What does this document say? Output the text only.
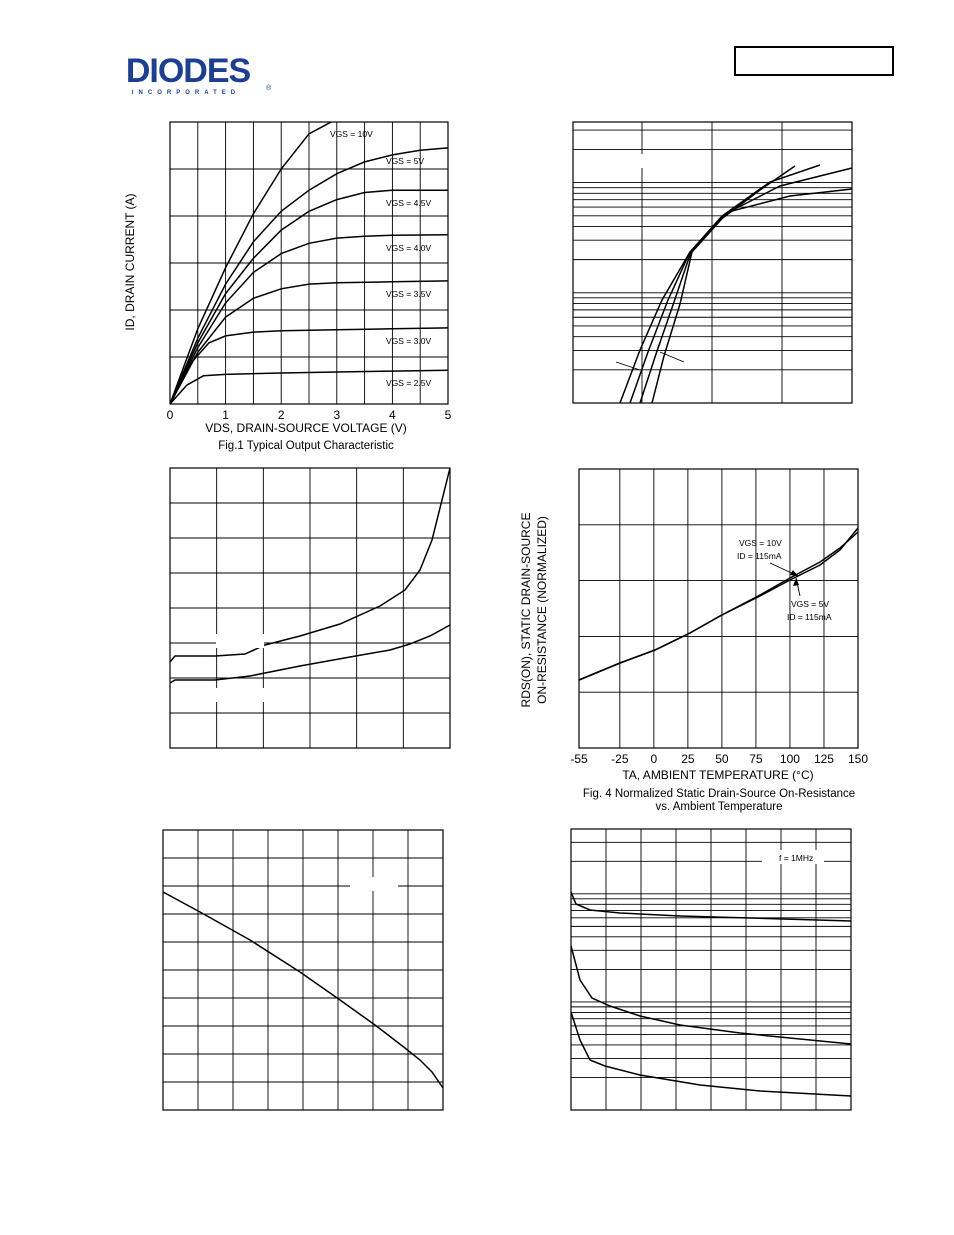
DIODES
INCORPORATED
®
0	1	2	3	4	5
VGS = 10V
VGS = 5V
VGS = 4.5V
VGS = 4.0V
VGS = 3.5V
VGS = 3.0V
VGS = 2.5V
VDS, DRAIN-SOURCE VOLTAGE (V)
Fig.1 Typical Output Characteristic
ID, DRAIN CURRENT (A)
-55 -25 0 25 50 75 100 125 150
TA, AMBIENT TEMPERATURE (°C)
Fig. 4 Normalized Static Drain-Source On-Resistance
vs. Ambient Temperature
RDS(ON), STATIC DRAIN-SOURCE ON-RESISTANCE (NORMALIZED)	VGS = 10V
ID = 115mA
VGS = 5V
ID = 115mA
f = 1MHz
